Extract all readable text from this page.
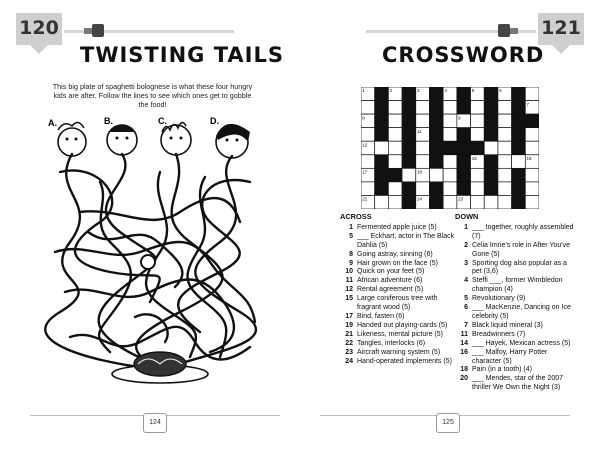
120
TWISTING TAILS

This big plate of spaghetti bolognese is what these four hungry kids are after. Follow the lines to see which ones get to gobble the food!

A.	B.	C.	D.
124
121
CROSSWORD
1	2	3	4	5	6
7
8	9	10
11
12	13
14	15	16
17	18	19
20	21
22	23
24
ACROSS
1 Fermented apple juice (5)
5 ___ Eckhart, actor in The Black Dahlia (5)
8 Going astray, sinning (6)
9 Hair grown on the face (5)
10 Quick on your feet (5)
11 African adventure (6)
12 Rental agreement (5)
15 Large coniferous tree with fragrant wood (5)
17 Bind, fasten (6)
19 Handed out playing-cards (5)
21 Likeness, mental picture (5)
22 Tangles, interlocks (6)
23 Aircraft warning system (5)
24 Hand-operated implements (5)
DOWN
1 ___ together, roughly assembled (7)
2 Celia Imrie's role in After You've Gone (5)
3 Sporting dog also popular as a pet (3,6)
4 Steffi ___, former Wimbledon champion (4)
5 Revolutionary (9)
6 ___ MacKenzie, Dancing on Ice celebrity (5)
7 Black liquid mineral (3)
11 Breadwinners (7)
14 ___ Hayek, Mexican actress (5)
16 ___ Malfoy, Harry Potter character (5)
18 Pain (in a tooth) (4)
20 ___ Mendes, star of the 2007 thriller We Own the Night (3)
125
